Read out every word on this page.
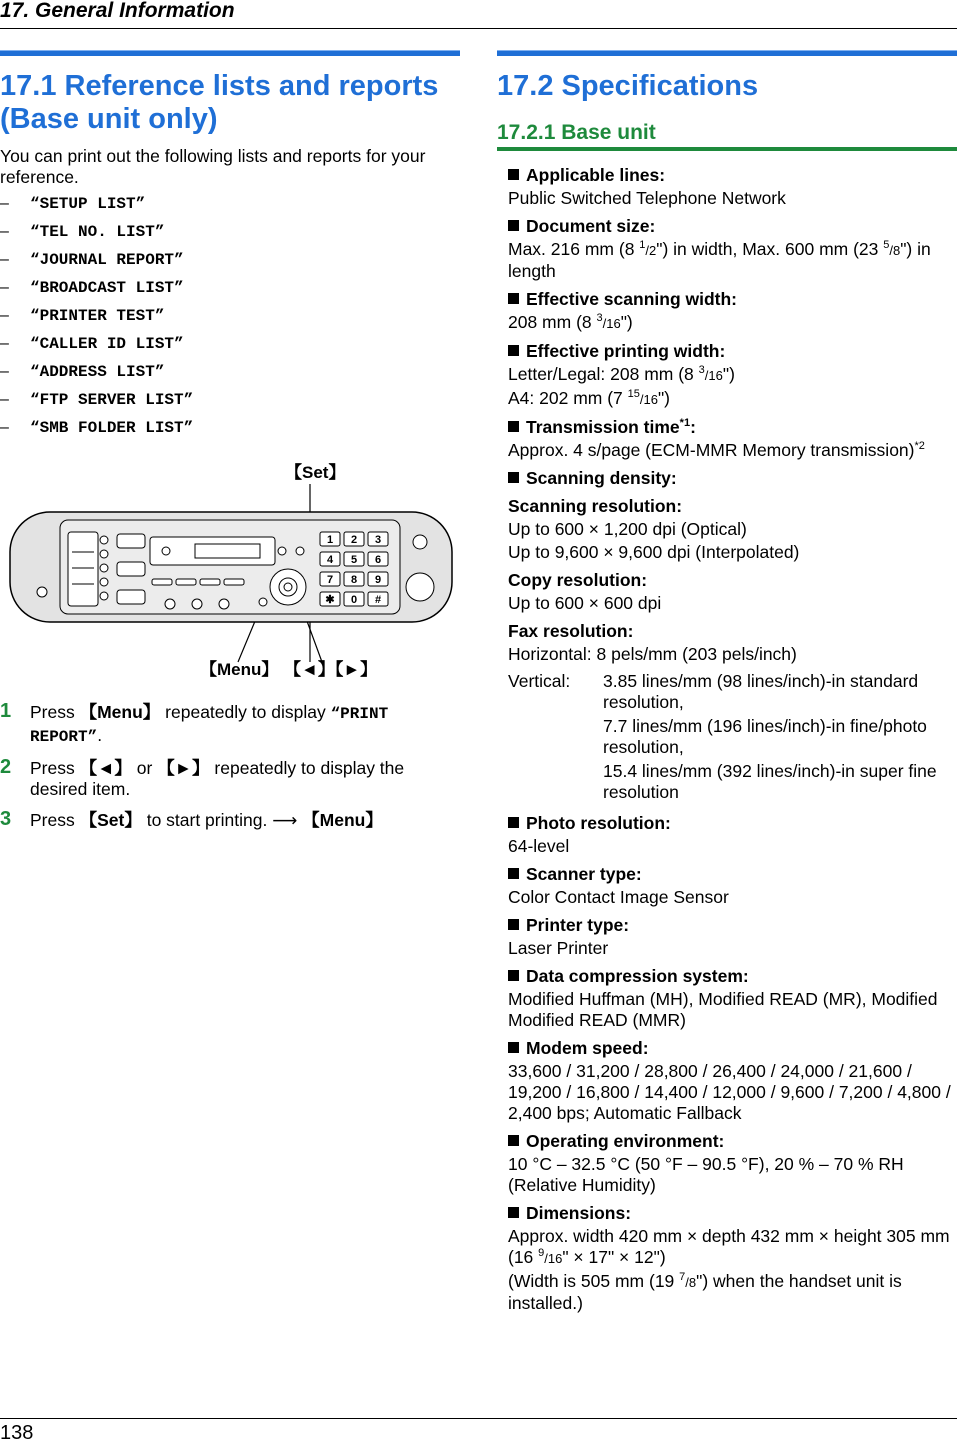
17. General Information
17.1 Reference lists and reports (Base unit only)
You can print out the following lists and reports for your reference.
– “SETUP LIST”
– “TEL NO. LIST”
– “JOURNAL REPORT”
– “BROADCAST LIST”
– “PRINTER TEST”
– “CALLER ID LIST”
– “ADDRESS LIST”
– “FTP SERVER LIST”
– “SMB FOLDER LIST”
【Set】
【Menu】 【◄】【►】
1 2 3
4 5 6
7 8 9
✱ 0 #
1 Press 【Menu】 repeatedly to display “PRINT REPORT”.
2 Press 【◄】 or 【►】 repeatedly to display the desired item.
3 Press 【Set】 to start printing. ⟶ 【Menu】
17.2 Specifications
17.2.1 Base unit
Applicable lines:
Public Switched Telephone Network
Document size:
Max. 216 mm (8 $^1$/2") in width, Max. 600 mm (23 $^5$/8") in length
Effective scanning width:
208 mm (8 $^3$/16")
Effective printing width:
Letter/Legal: 208 mm (8 $^3$/16")
A4: 202 mm (7 $^{15}$/16")
Transmission time$^{*1}$:
Approx. 4 s/page (ECM-MMR Memory transmission)$^{*2}$
Scanning density:
Scanning resolution:
Up to 600 × 1,200 dpi (Optical)
Up to 9,600 × 9,600 dpi (Interpolated)
Copy resolution:
Up to 600 × 600 dpi
Fax resolution:
Horizontal: 8 pels/mm (203 pels/inch)
Vertical:	3.85 lines/mm (98 lines/inch)-in standard resolution,
7.7 lines/mm (196 lines/inch)-in fine/photo resolution,
15.4 lines/mm (392 lines/inch)-in super fine resolution
Photo resolution:
64-level
Scanner type:
Color Contact Image Sensor
Printer type:
Laser Printer
Data compression system:
Modified Huffman (MH), Modified READ (MR), Modified Modified READ (MMR)
Modem speed:
33,600 / 31,200 / 28,800 / 26,400 / 24,000 / 21,600 / 19,200 / 16,800 / 14,400 / 12,000 / 9,600 / 7,200 / 4,800 / 2,400 bps; Automatic Fallback
Operating environment:
10 °C – 32.5 °C (50 °F – 90.5 °F), 20 % – 70 % RH (Relative Humidity)
Dimensions:
Approx. width 420 mm × depth 432 mm × height 305 mm (16 $^9$/16" × 17" × 12")
(Width is 505 mm (19 $^7$/8") when the handset unit is installed.)
138
